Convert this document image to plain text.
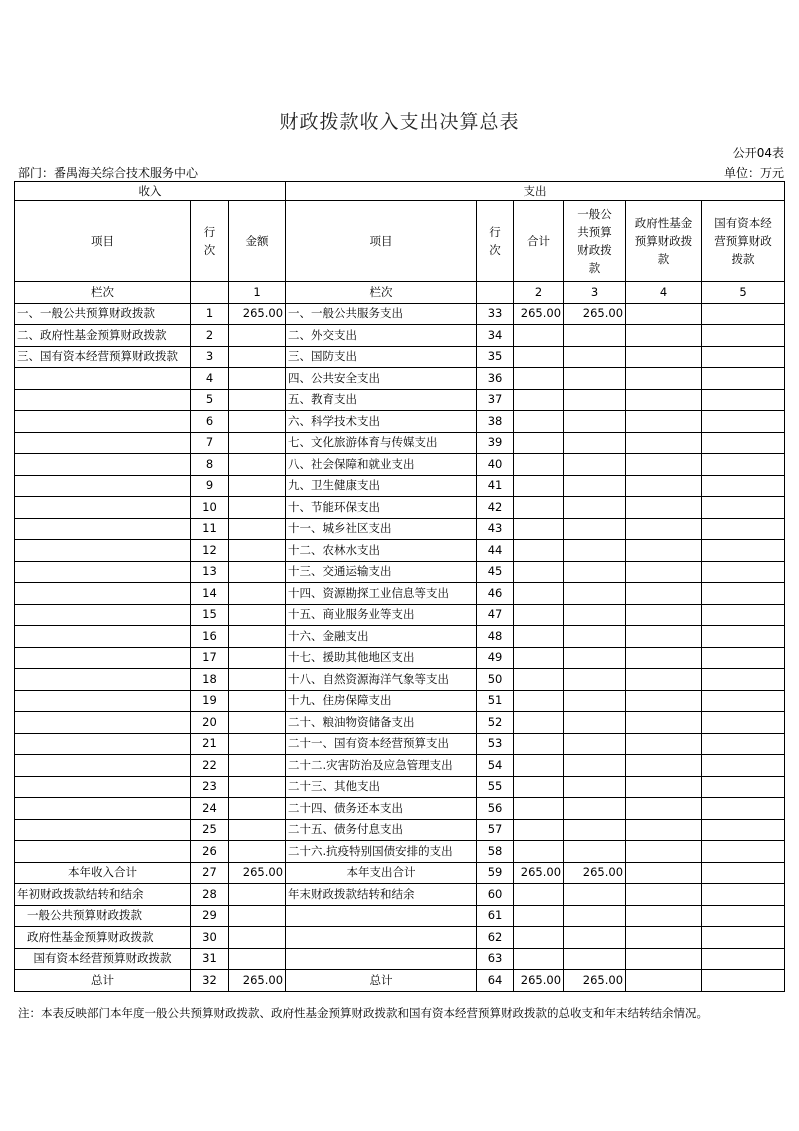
财政拨款收入支出决算总表
公开04表
部门：番禺海关综合技术服务中心	单位：万元
收入			支出					
项目	行次	金额	项目	行次	合计	一般公共预算财政拨款	政府性基金预算财政拨款	国有资本经营预算财政拨款
栏次		1	栏次		2	3	4	5
一、一般公共预算财政拨款	1	265.00	一、一般公共服务支出	33	265.00	265.00		
二、政府性基金预算财政拨款	2		二、外交支出	34				
三、国有资本经营预算财政拨款	3		三、国防支出	35				
	4		四、公共安全支出	36				
	5		五、教育支出	37				
	6		六、科学技术支出	38				
	7		七、文化旅游体育与传媒支出	39				
	8		八、社会保障和就业支出	40				
	9		九、卫生健康支出	41				
	10		十、节能环保支出	42				
	11		十一、城乡社区支出	43				
	12		十二、农林水支出	44				
	13		十三、交通运输支出	45				
	14		十四、资源勘探工业信息等支出	46				
	15		十五、商业服务业等支出	47				
	16		十六、金融支出	48				
	17		十七、援助其他地区支出	49				
	18		十八、自然资源海洋气象等支出	50				
	19		十九、住房保障支出	51				
	20		二十、粮油物资储备支出	52				
	21		二十一、国有资本经营预算支出	53				
	22		二十二.灾害防治及应急管理支出	54				
	23		二十三、其他支出	55				
	24		二十四、债务还本支出	56				
	25		二十五、债务付息支出	57				
	26		二十六.抗疫特别国债安排的支出	58				
本年收入合计	27	265.00	本年支出合计	59	265.00	265.00		
年初财政拨款结转和结余	28		年末财政拨款结转和结余	60				
一般公共预算财政拨款	29			61				
政府性基金预算财政拨款	30			62				
国有资本经营预算财政拨款	31			63				
总计	32	265.00	总计	64	265.00	265.00		
注：本表反映部门本年度一般公共预算财政拨款、政府性基金预算财政拨款和国有资本经营预算财政拨款的总收支和年末结转结余情况。
